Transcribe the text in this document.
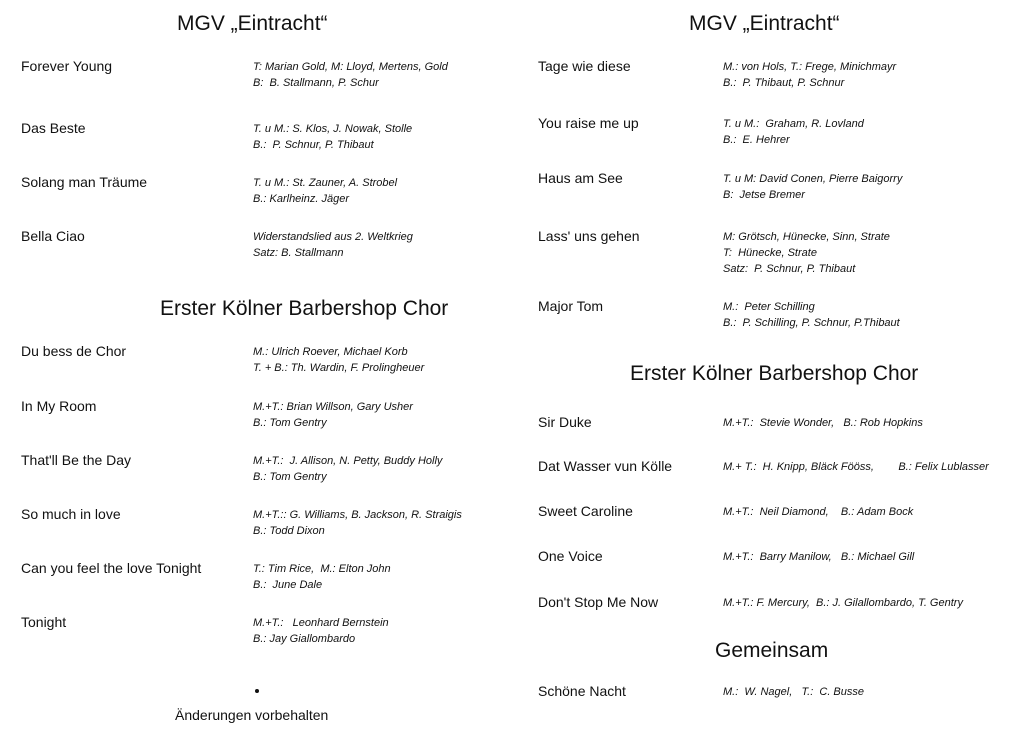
MGV „Eintracht“
Erster Kölner Barbershop Chor
Änderungen vorbehalten
Forever Young	T: Marian Gold, M: Lloyd, Mertens, Gold
B:  B. Stallmann, P. Schur
Das Beste	T. u M.: S. Klos, J. Nowak, Stolle
B.:  P. Schnur, P. Thibaut
Solang man Träume	T. u M.: St. Zauner, A. Strobel
B.: Karlheinz. Jäger
Bella Ciao	Widerstandslied aus 2. Weltkrieg
Satz: B. Stallmann
Du bess de Chor	M.: Ulrich Roever, Michael Korb
T. + B.: Th. Wardin, F. Prolingheuer
In My Room	M.+T.: Brian Willson, Gary Usher
B.: Tom Gentry
That'll Be the Day	M.+T.:  J. Allison, N. Petty, Buddy Holly
B.: Tom Gentry
So much in love	M.+T.:: G. Williams, B. Jackson, R. Straigis
B.: Todd Dixon
Can you feel the love Tonight	T.: Tim Rice,  M.: Elton John
B.:  June Dale
Tonight	M.+T.:   Leonhard Bernstein
B.: Jay Giallombardo
MGV „Eintracht“
Erster Kölner Barbershop Chor
Gemeinsam
Tage wie diese	M.: von Hols, T.: Frege, Minichmayr
B.:  P. Thibaut, P. Schnur
You raise me up	T. u M.:  Graham, R. Lovland
B.:  E. Hehrer
Haus am See	T. u M: David Conen, Pierre Baigorry
B:  Jetse Bremer
Lass' uns gehen	M: Grötsch, Hünecke, Sinn, Strate
T:  Hünecke, Strate
Satz:  P. Schnur, P. Thibaut
Major Tom	M.:  Peter Schilling
B.:  P. Schilling, P. Schnur, P.Thibaut
Sir Duke	M.+T.:  Stevie Wonder,   B.: Rob Hopkins
Dat Wasser vun Kölle	M.+ T.:  H. Knipp, Bläck Fööss,        B.: Felix Lublasser
Sweet Caroline	M.+T.:  Neil Diamond,    B.: Adam Bock
One Voice	M.+T.:  Barry Manilow,   B.: Michael Gill
Don't Stop Me Now	M.+T.: F. Mercury,  B.: J. Gilallombardo, T. Gentry
Schöne Nacht	M.:  W. Nagel,   T.:  C. Busse
